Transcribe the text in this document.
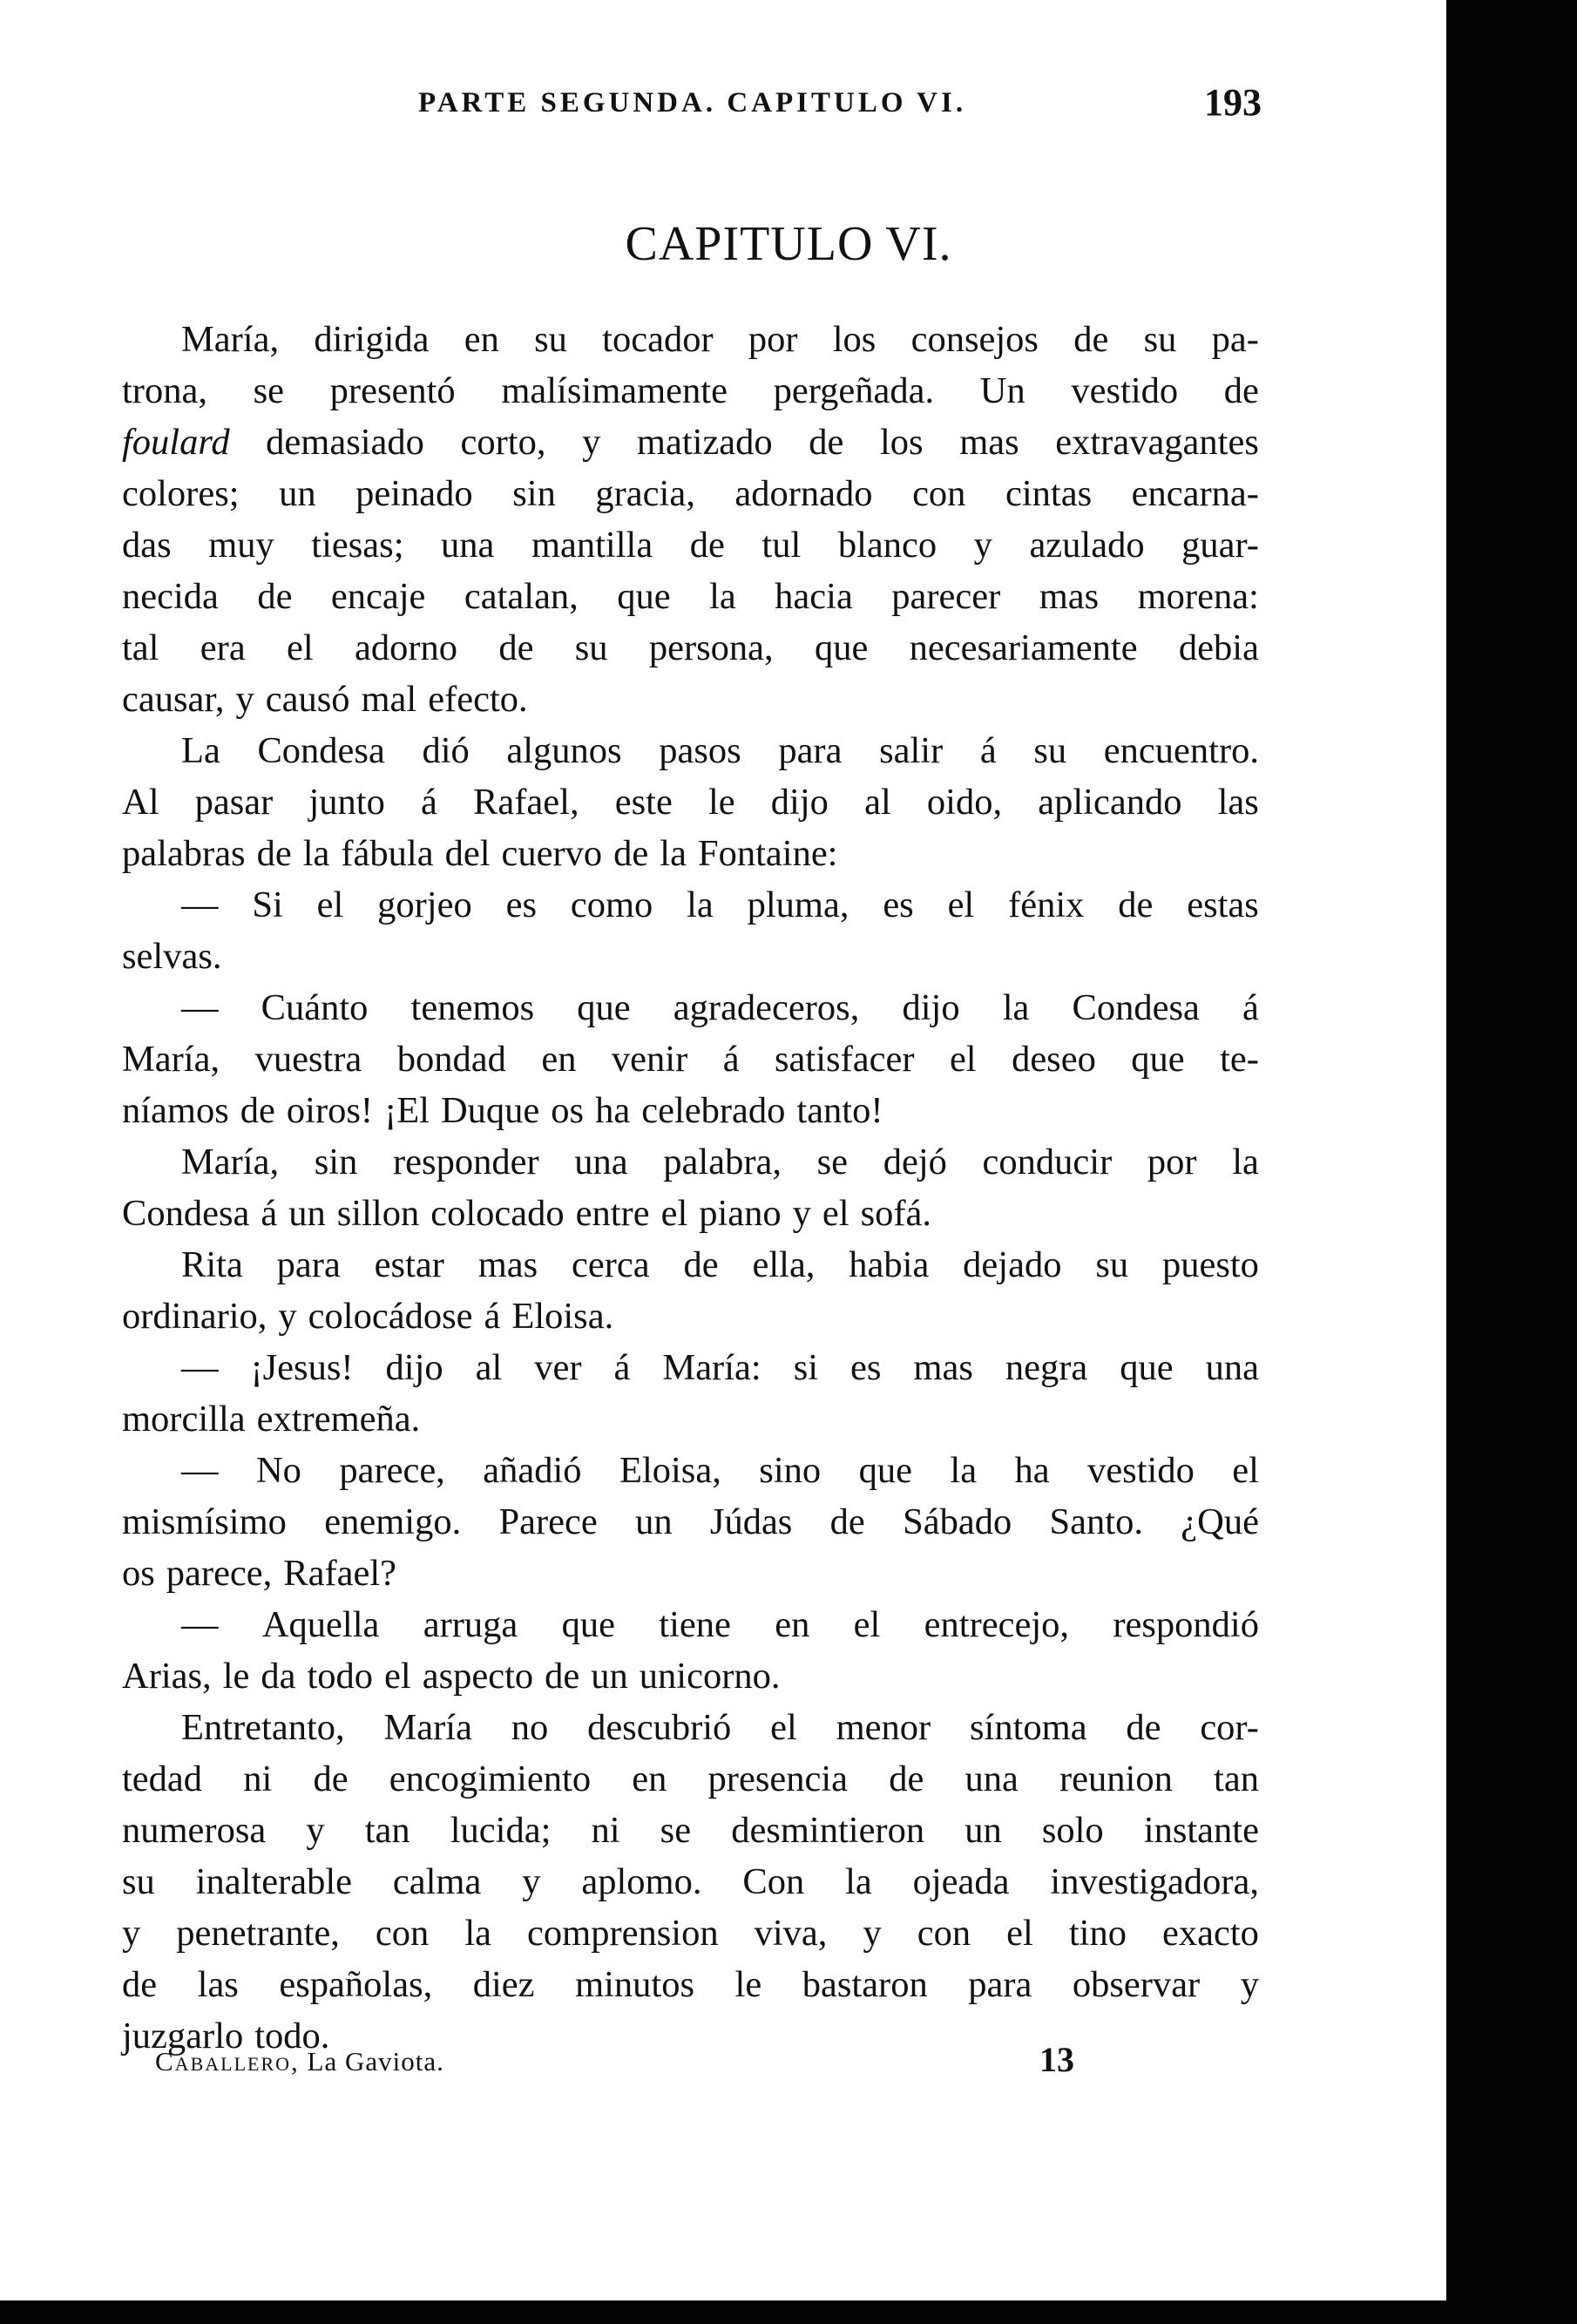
PARTE SEGUNDA. CAPITULO VI.	193
CAPITULO VI.
María, dirigida en su tocador por los consejos de su pa-
trona, se presentó malísimamente pergeñada. Un vestido de
foulard demasiado corto, y matizado de los mas extravagantes
colores; un peinado sin gracia, adornado con cintas encarna-
das muy tiesas; una mantilla de tul blanco y azulado guar-
necida de encaje catalan, que la hacia parecer mas morena:
tal era el adorno de su persona, que necesariamente debia
causar, y causó mal efecto.
La Condesa dió algunos pasos para salir á su encuentro.
Al pasar junto á Rafael, este le dijo al oido, aplicando las
palabras de la fábula del cuervo de la Fontaine:
— Si el gorjeo es como la pluma, es el fénix de estas
selvas.
— Cuánto tenemos que agradeceros, dijo la Condesa á
María, vuestra bondad en venir á satisfacer el deseo que te-
níamos de oiros! ¡El Duque os ha celebrado tanto!
María, sin responder una palabra, se dejó conducir por la
Condesa á un sillon colocado entre el piano y el sofá.
Rita para estar mas cerca de ella, habia dejado su puesto
ordinario, y colocádose á Eloisa.
— ¡Jesus! dijo al ver á María: si es mas negra que una
morcilla extremeña.
— No parece, añadió Eloisa, sino que la ha vestido el
mismísimo enemigo. Parece un Júdas de Sábado Santo. ¿Qué
os parece, Rafael?
— Aquella arruga que tiene en el entrecejo, respondió
Arias, le da todo el aspecto de un unicorno.
Entretanto, María no descubrió el menor síntoma de cor-
tedad ni de encogimiento en presencia de una reunion tan
numerosa y tan lucida; ni se desmintieron un solo instante
su inalterable calma y aplomo. Con la ojeada investigadora,
y penetrante, con la comprension viva, y con el tino exacto
de las españolas, diez minutos le bastaron para observar y
juzgarlo todo.
Caballero , La Gaviota.	13
